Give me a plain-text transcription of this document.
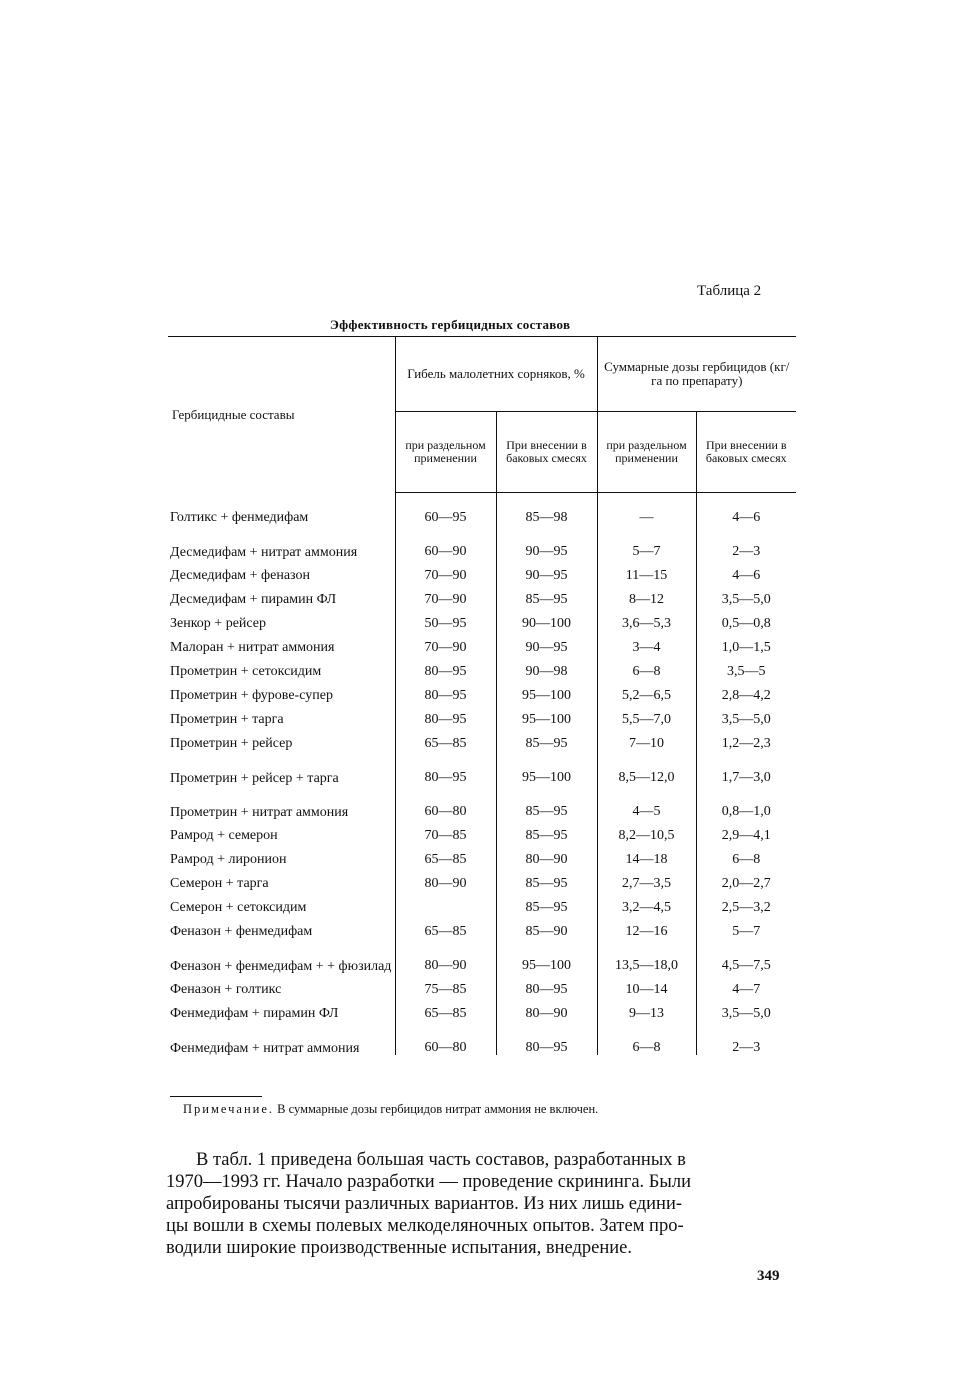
Таблица 2
Эффективность гербицидных составов
Гербицидные составы	Гибель малолетних сорняков, %		Суммарные дозы гербицидов (кг/га по препарату)	
	при раздельном применении	При внесении в баковых смесях	при раздельном применении	При внесении в баковых смесях

Голтикс + фенмедифам	60—95	85—98	—	4—6
Десмедифам + нитрат аммония	60—90	90—95	5—7	2—3
Десмедифам + феназон	70—90	90—95	11—15	4—6
Десмедифам + пирамин ФЛ	70—90	85—95	8—12	3,5—5,0
Зенкор + рейсер	50—95	90—100	3,6—5,3	0,5—0,8
Малоран + нитрат аммония	70—90	90—95	3—4	1,0—1,5
Прометрин + сетоксидим	80—95	90—98	6—8	3,5—5
Прометрин + фурове-супер	80—95	95—100	5,2—6,5	2,8—4,2
Прометрин + тарга	80—95	95—100	5,5—7,0	3,5—5,0
Прометрин + рейсер	65—85	85—95	7—10	1,2—2,3
Прометрин + рейсер + тарга	80—95	95—100	8,5—12,0	1,7—3,0
Прометрин + нитрат аммония	60—80	85—95	4—5	0,8—1,0
Рамрод + семерон	70—85	85—95	8,2—10,5	2,9—4,1
Рамрод + лиронион	65—85	80—90	14—18	6—8
Семерон + тарга	80—90	85—95	2,7—3,5	2,0—2,7
Семерон + сетоксидим		85—95	3,2—4,5	2,5—3,2
Феназон + фенмедифам	65—85	85—90	12—16	5—7
Феназон + фенмедифам + + фюзилад	80—90	95—100	13,5—18,0	4,5—7,5
Феназон + голтикс	75—85	80—95	10—14	4—7
Фенмедифам + пирамин ФЛ	65—85	80—90	9—13	3,5—5,0
Фенмедифам + нитрат аммония	60—80	80—95	6—8	2—3
Примечание. В суммарные дозы гербицидов нитрат аммония не включен.
В табл. 1 приведена большая часть составов, разработанных в
1970—1993 гг. Начало разработки — проведение скрининга. Были
апробированы тысячи различных вариантов. Из них лишь едини-
цы вошли в схемы полевых мелкоделяночных опытов. Затем про-
водили широкие производственные испытания, внедрение.
349
